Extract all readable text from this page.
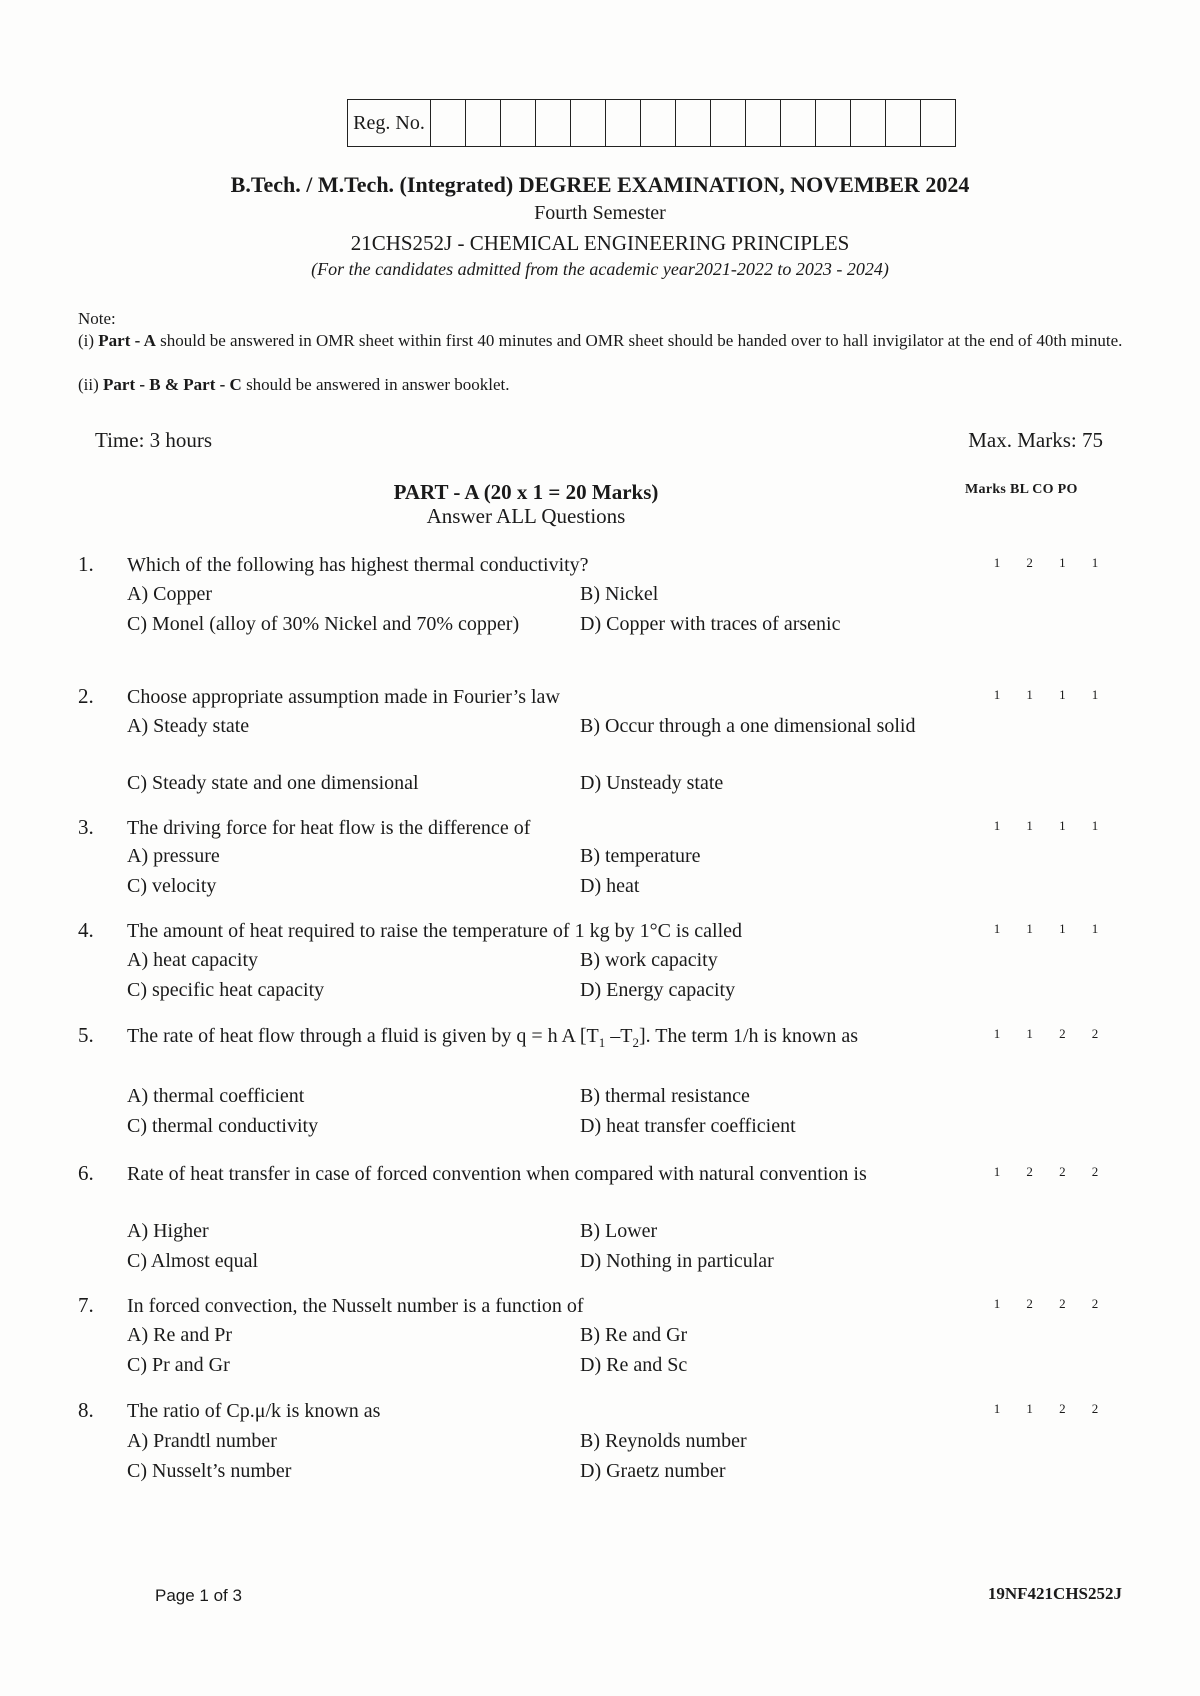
Reg. No.
B.Tech. / M.Tech. (Integrated) DEGREE EXAMINATION, NOVEMBER 2024
Fourth Semester
21CHS252J - CHEMICAL ENGINEERING PRINCIPLES
(For the candidates admitted from the academic year2021-2022 to 2023 - 2024)
Note:
(i) Part - A should be answered in OMR sheet within first 40 minutes and OMR sheet should be handed over to hall invigilator at the end of 40th minute.
(ii) Part - B & Part - C should be answered in answer booklet.
Time: 3 hours	Max. Marks: 75
PART - A (20 x 1 = 20 Marks)
Answer ALL Questions
Marks BL CO PO
1. Which of the following has highest thermal conductivity?
A) Copper	B) Nickel
C) Monel (alloy of 30% Nickel and 70% copper)	D) Copper with traces of arsenic
1	2	1	1
2. Choose appropriate assumption made in Fourier’s law
A) Steady state	B) Occur through a one dimensional solid
C) Steady state and one dimensional	D) Unsteady state
1	1	1	1
3. The driving force for heat flow is the difference of
A) pressure	B) temperature
C) velocity	D) heat
1	1	1	1
4. The amount of heat required to raise the temperature of 1 kg by 1°C is called
A) heat capacity	B) work capacity
C) specific heat capacity	D) Energy capacity
1	1	1	1
5. The rate of heat flow through a fluid is given by q = h A [$T_1$ $-T_2$]. The term 1/h is known as
A) thermal coefficient	B) thermal resistance
C) thermal conductivity	D) heat transfer coefficient
1	1	2	2
6. Rate of heat transfer in case of forced convention when compared with natural convention is
A) Higher	B) Lower
C) Almost equal	D) Nothing in particular
1	2	2	2
7. In forced convection, the Nusselt number is a function of
A) Re and Pr	B) Re and Gr
C) Pr and Gr	D) Re and Sc
1	2	2	2
8. The ratio of Cp.μ/k is known as
A) Prandtl number	B) Reynolds number
C) Nusselt’s number	D) Graetz number
1	1	2	2
Page 1 of 3	19NF421CHS252J
